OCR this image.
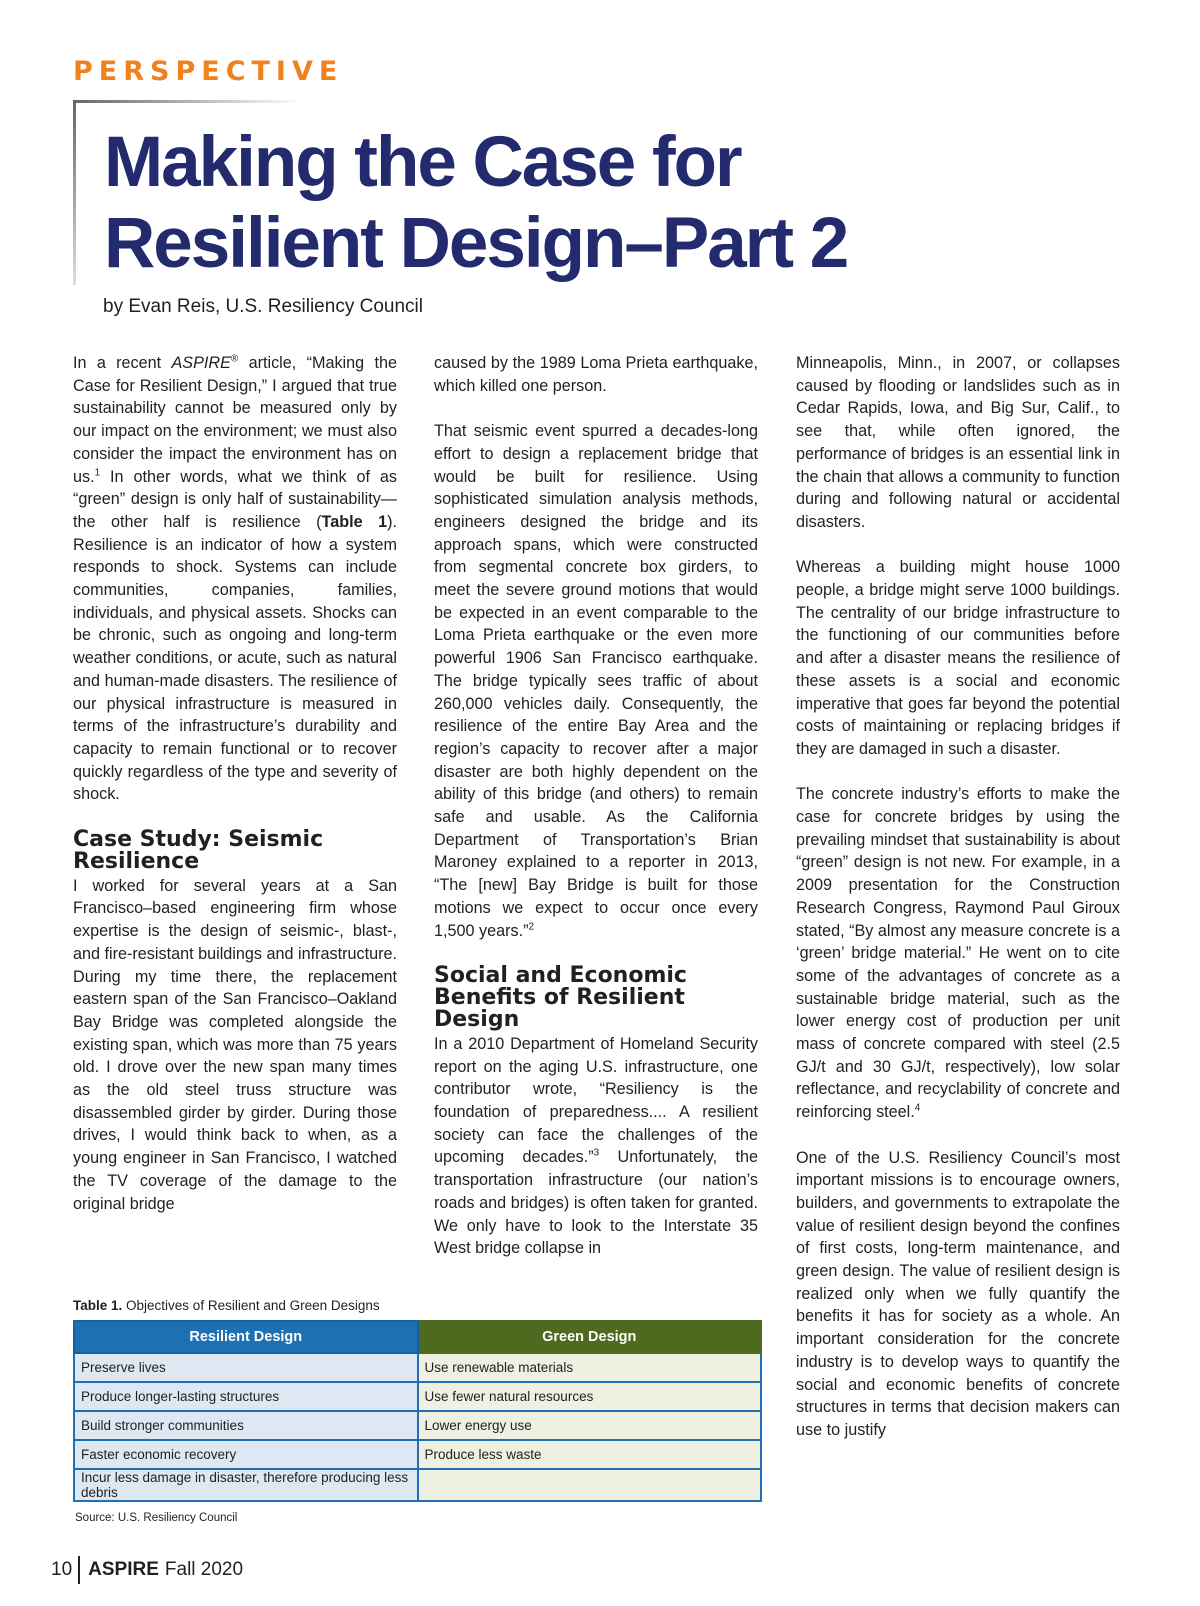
PERSPECTIVE
Making the Case for
Resilient Design–Part 2
by Evan Reis, U.S. Resiliency Council

In a recent ASPIRE® article, “Making the Case for Resilient Design,” I argued that true sustainability cannot be measured only by our impact on the environment; we must also consider the impact the environment has on us.$^1$ In other words, what we think of as “green” design is only half of sustainability—the other half is resilience (Table 1). Resilience is an indicator of how a system responds to shock. Systems can include communities, companies, families, individuals, and physical assets. Shocks can be chronic, such as ongoing and long-term weather conditions, or acute, such as natural and human-made disasters. The resilience of our physical infrastructure is measured in terms of the infrastructure’s durability and capacity to remain functional or to recover quickly regardless of the type and severity of shock.

Case Study: Seismic
Resilience

I worked for several years at a San Francisco–based engineering firm whose expertise is the design of seismic-, blast-, and fire-resistant buildings and infrastructure. During my time there, the replacement eastern span of the San Francisco–Oakland Bay Bridge was completed alongside the existing span, which was more than 75 years old. I drove over the new span many times as the old steel truss structure was disassembled girder by girder. During those drives, I would think back to when, as a young engineer in San Francisco, I watched the TV coverage of the damage to the original bridge

caused by the 1989 Loma Prieta earthquake, which killed one person.

That seismic event spurred a decades-long effort to design a replacement bridge that would be built for resilience. Using sophisticated simulation analysis methods, engineers designed the bridge and its approach spans, which were constructed from segmental concrete box girders, to meet the severe ground motions that would be expected in an event comparable to the Loma Prieta earthquake or the even more powerful 1906 San Francisco earthquake. The bridge typically sees traffic of about 260,000 vehicles daily. Consequently, the resilience of the entire Bay Area and the region’s capacity to recover after a major disaster are both highly dependent on the ability of this bridge (and others) to remain safe and usable. As the California Department of Transportation’s Brian Maroney explained to a reporter in 2013, “The [new] Bay Bridge is built for those motions we expect to occur once every 1,500 years.”$^2$

Social and Economic
Benefits of Resilient Design

In a 2010 Department of Homeland Security report on the aging U.S. infrastructure, one contributor wrote, “Resiliency is the foundation of preparedness.... A resilient society can face the challenges of the upcoming decades.”$^3$ Unfortunately, the transportation infrastructure (our nation’s roads and bridges) is often taken for granted. We only have to look to the Interstate 35 West bridge collapse in

Minneapolis, Minn., in 2007, or collapses caused by flooding or landslides such as in Cedar Rapids, Iowa, and Big Sur, Calif., to see that, while often ignored, the performance of bridges is an essential link in the chain that allows a community to function during and following natural or accidental disasters.

Whereas a building might house 1000 people, a bridge might serve 1000 buildings. The centrality of our bridge infrastructure to the functioning of our communities before and after a disaster means the resilience of these assets is a social and economic imperative that goes far beyond the potential costs of maintaining or replacing bridges if they are damaged in such a disaster.

The concrete industry’s efforts to make the case for concrete bridges by using the prevailing mindset that sustainability is about “green” design is not new. For example, in a 2009 presentation for the Construction Research Congress, Raymond Paul Giroux stated, “By almost any measure concrete is a ‘green’ bridge material.” He went on to cite some of the advantages of concrete as a sustainable bridge material, such as the lower energy cost of production per unit mass of concrete compared with steel (2.5 GJ/t and 30 GJ/t, respectively), low solar reflectance, and recyclability of concrete and reinforcing steel.$^4$

One of the U.S. Resiliency Council’s most important missions is to encourage owners, builders, and governments to extrapolate the value of resilient design beyond the confines of first costs, long-term maintenance, and green design. The value of resilient design is realized only when we fully quantify the benefits it has for society as a whole. An important consideration for the concrete industry is to develop ways to quantify the social and economic benefits of concrete structures in terms that decision makers can use to justify

Table 1. Objectives of Resilient and Green Designs
Resilient Design	Green Design
Preserve lives	Use renewable materials
Produce longer-lasting structures	Use fewer natural resources
Build stronger communities	Lower energy use
Faster economic recovery	Produce less waste
Incur less damage in disaster, therefore producing less debris	
Source: U.S. Resiliency Council
10 ASPIRE Fall 2020
